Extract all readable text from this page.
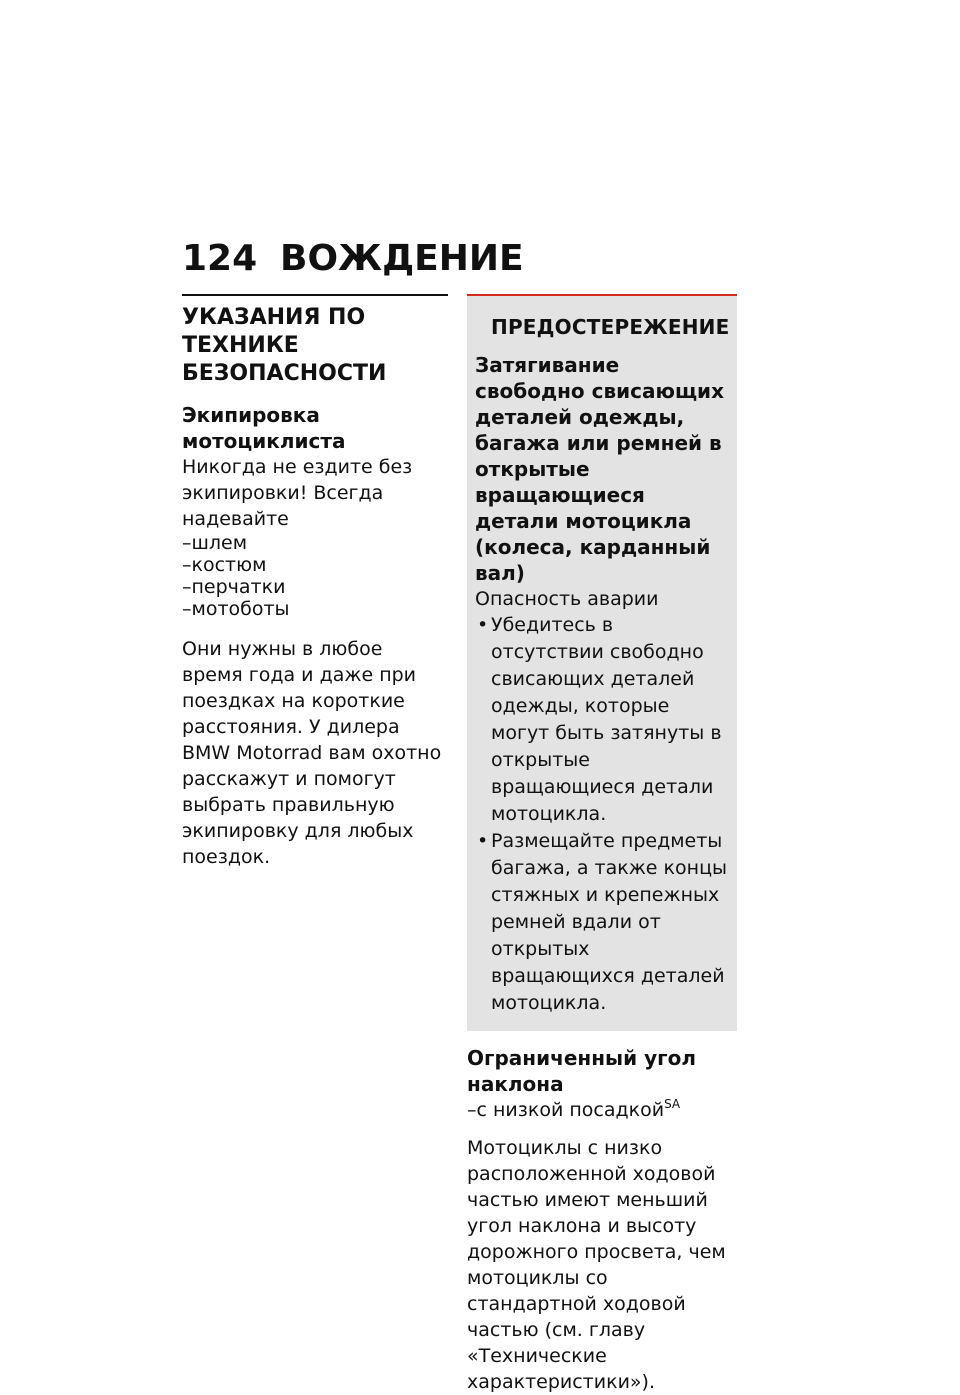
124 ВОЖДЕНИЕ
УКАЗАНИЯ ПО ТЕХНИКЕ БЕЗОПАСНОСТИ
Экипировка мотоциклиста

Никогда не ездите без экипировки! Всегда надевайте

– шлем
– костюм
– перчатки
– мотоботы

Они нужны в любое время года и даже при поездках на короткие расстояния. У дилера BMW Motorrad вам охотно расскажут и помогут выбрать правильную экипировку для любых поездок.

ПРЕДОСТЕРЕЖЕНИЕ
Затягивание свободно свисающих деталей одежды, багажа или ремней в открытые вращающиеся детали мотоцикла (колеса, карданный вал)

Опасность аварии

• Убедитесь в отсутствии свободно свисающих деталей одежды, которые могут быть затянуты в открытые вращающиеся детали мотоцикла.
• Размещайте предметы багажа, а также концы стяжных и крепежных ремней вдали от открытых вращающихся деталей мотоцикла.
Ограниченный угол наклона

– с низкой посадкой$^{SA}$

Мотоциклы с низко расположенной ходовой частью имеют меньший угол наклона и высоту дорожного просвета, чем мотоциклы со стандартной ходовой частью (см. главу «Технические характеристики»).
